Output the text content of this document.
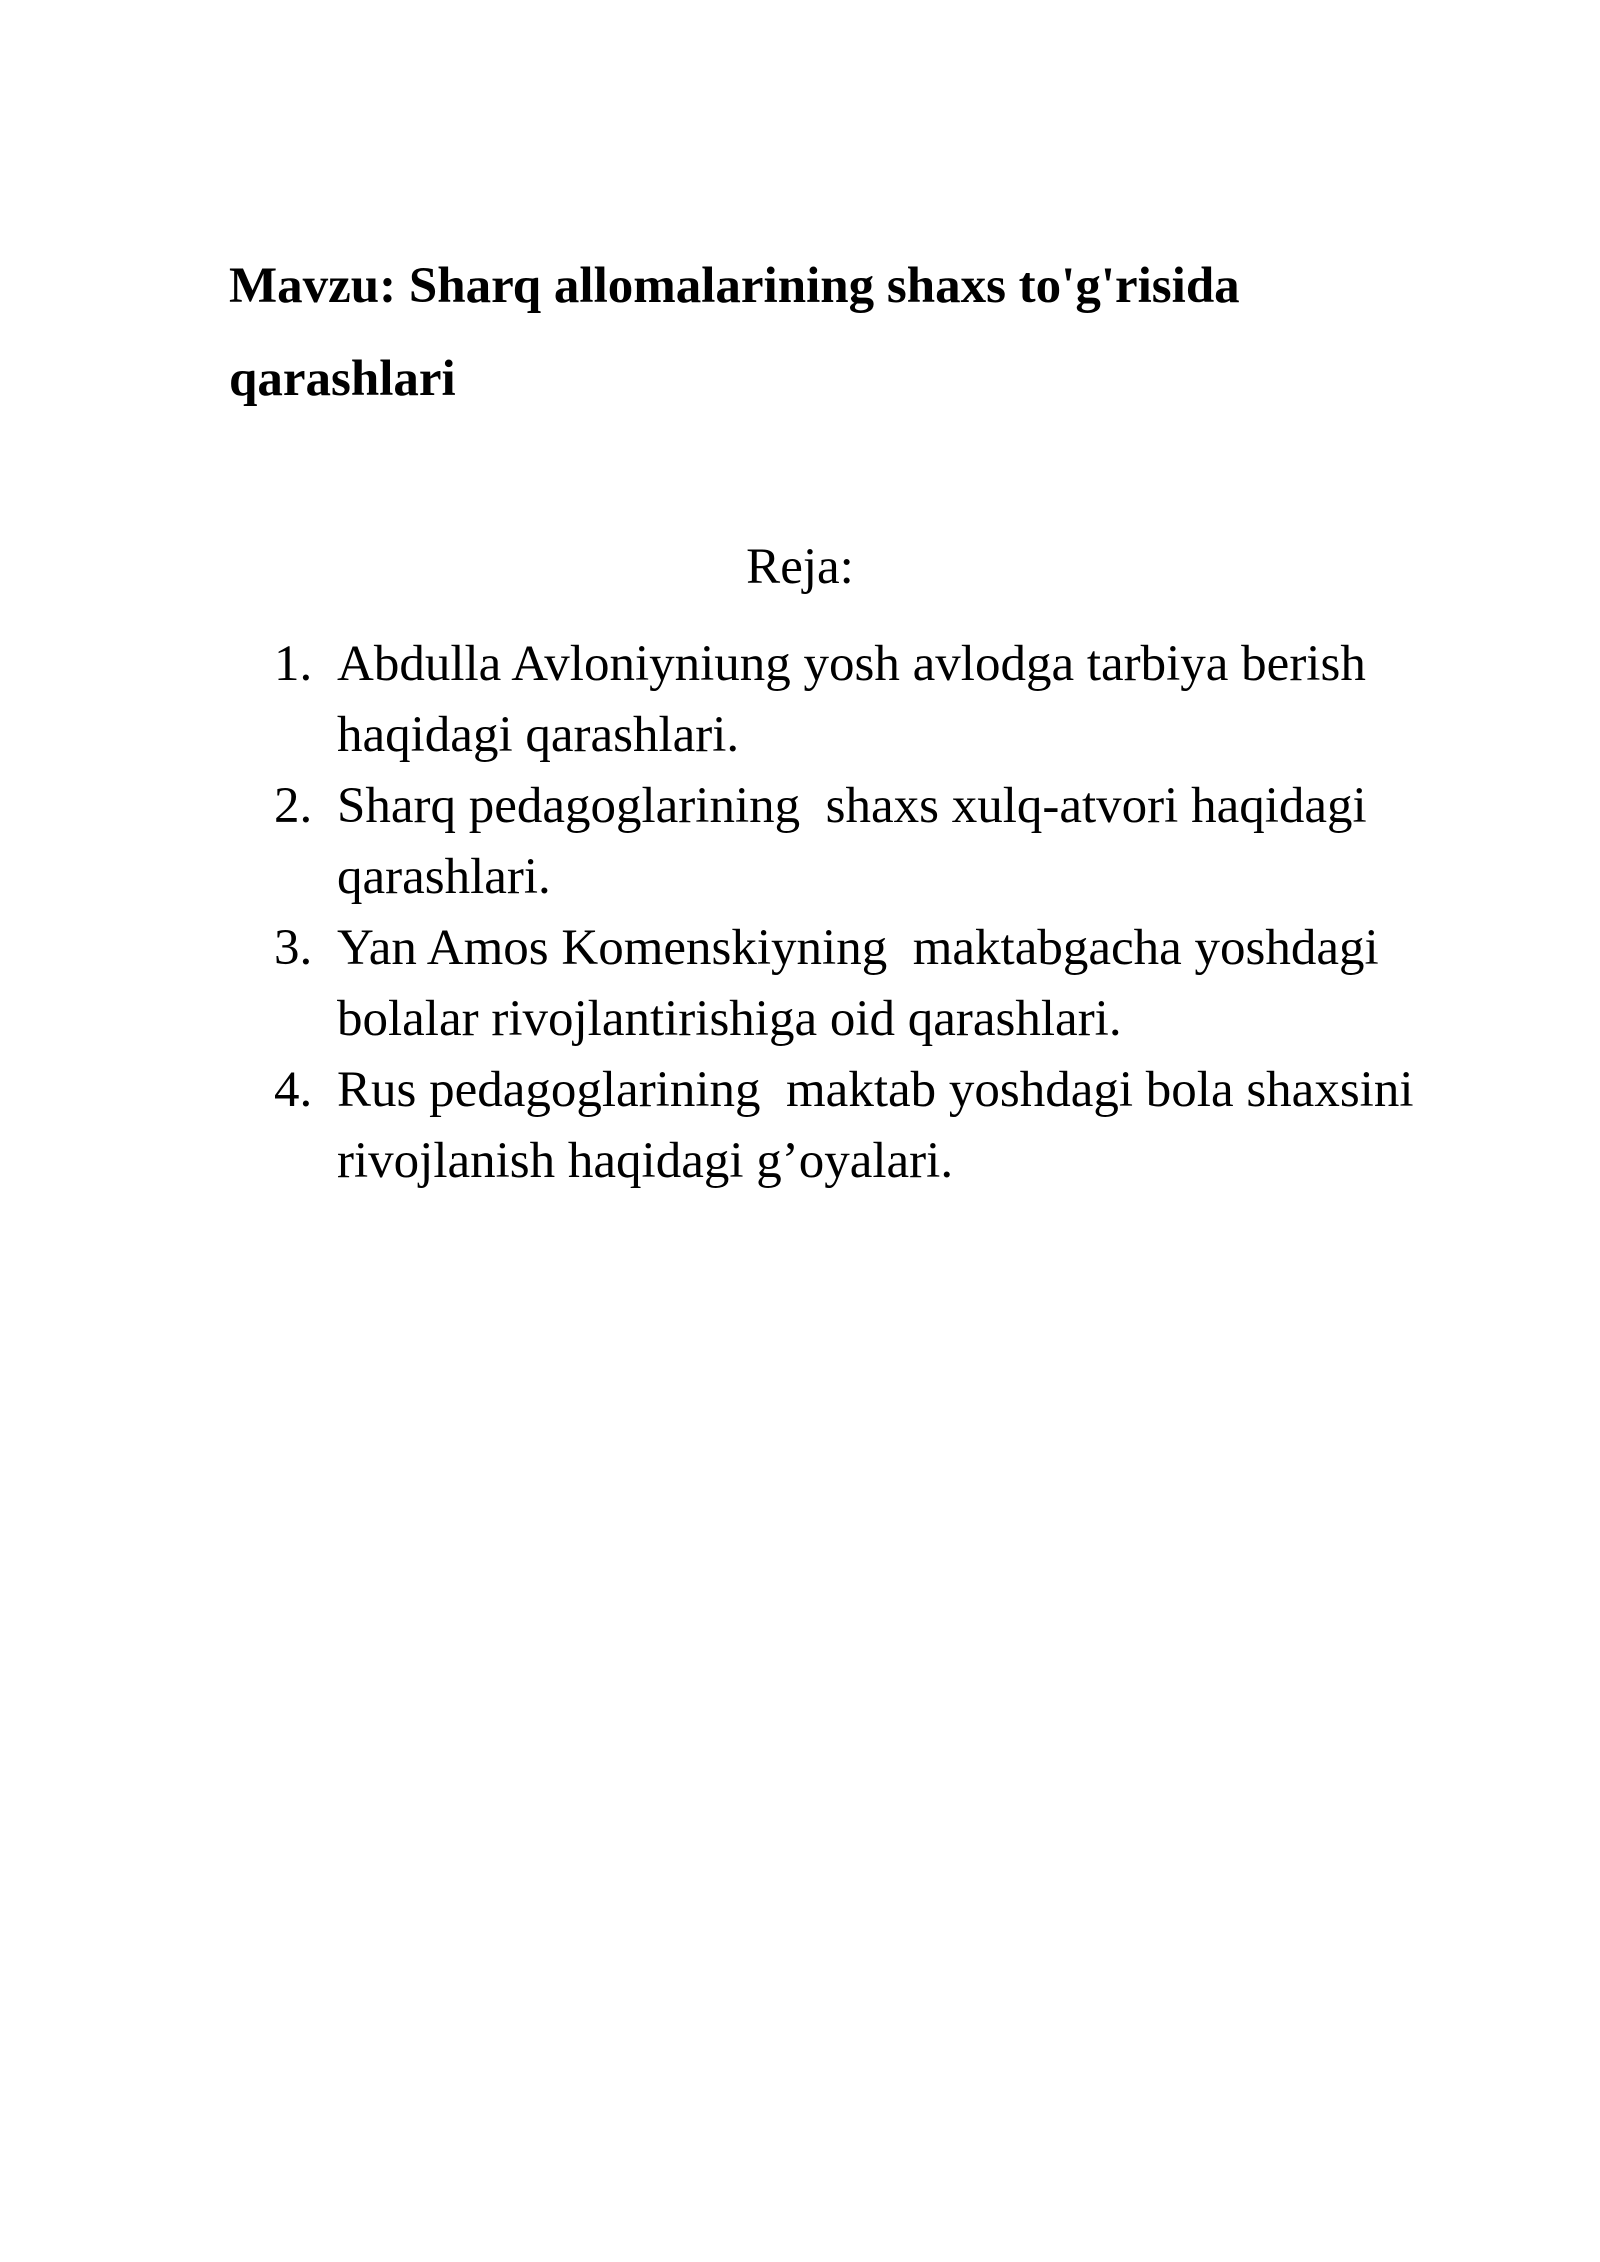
Mavzu: Sharq allomalarining shaxs to'g'risida qarashlari
Reja:
1. Abdulla Avloniyniung yosh avlodga tarbiya berish haqidagi qarashlari.
2. Sharq pedagoglarining  shaxs xulq-atvori haqidagi qarashlari.
3. Yan Amos Komenskiyning  maktabgacha yoshdagi bolalar rivojlantirishiga oid qarashlari.
4. Rus pedagoglarining  maktab yoshdagi bola shaxsini rivojlanish haqidagi g’oyalari.
